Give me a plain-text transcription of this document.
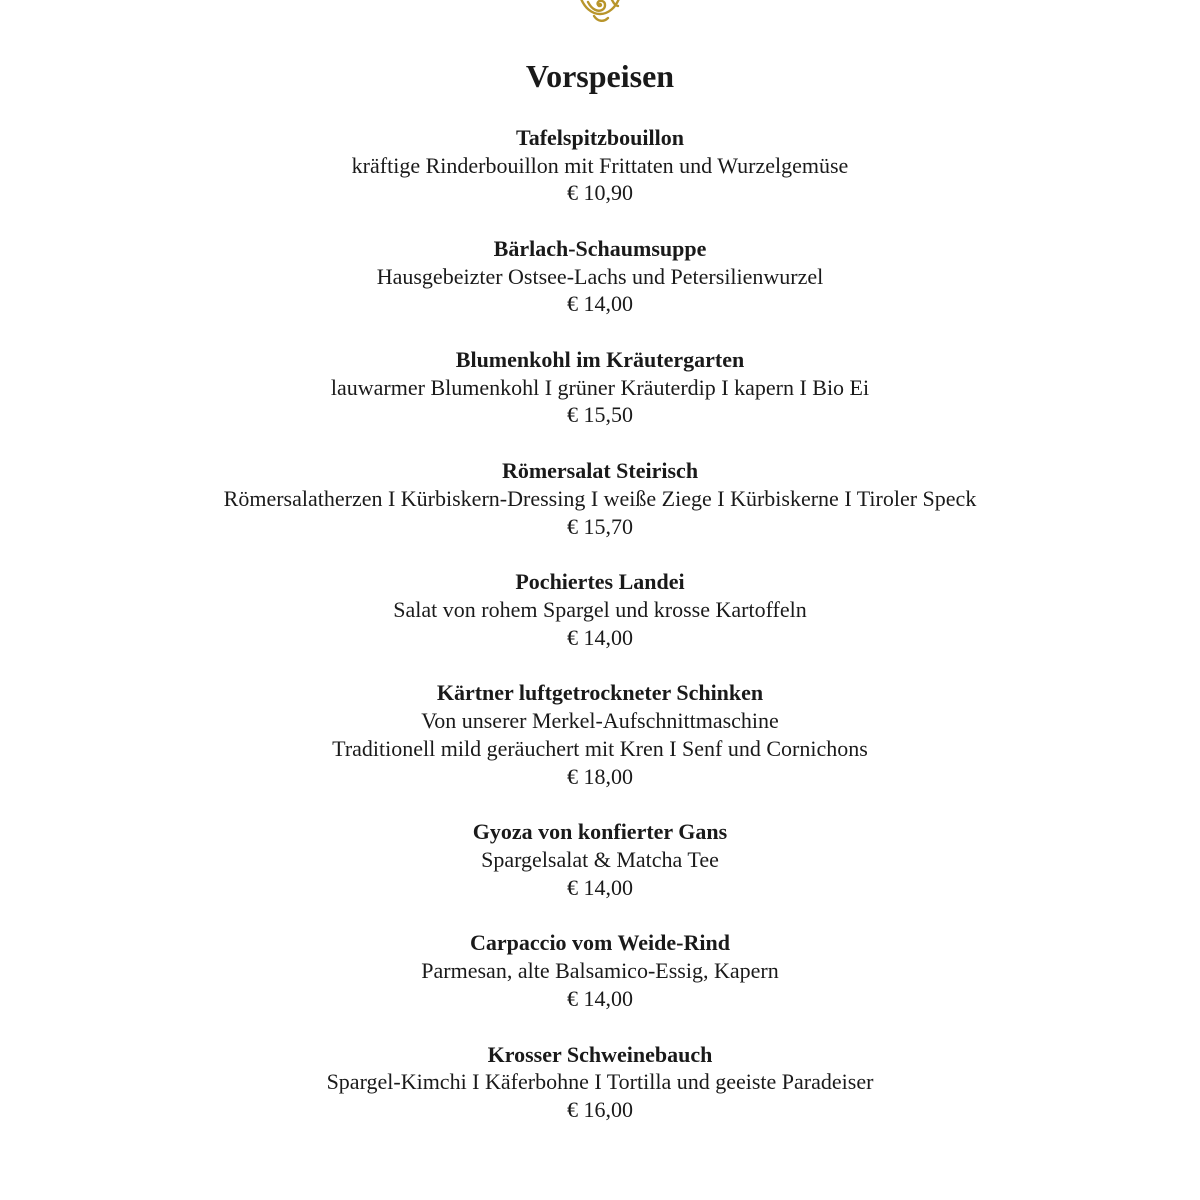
Vorspeisen
Tafelspitzbouillon
kräftige Rinderbouillon mit Frittaten und Wurzelgemüse
€ 10,90
Bärlach-Schaumsuppe
Hausgebeizter Ostsee-Lachs und Petersilienwurzel
€ 14,00
Blumenkohl im Kräutergarten
lauwarmer Blumenkohl I grüner Kräuterdip I kapern I Bio Ei
€ 15,50
Römersalat Steirisch
Römersalatherzen I Kürbiskern-Dressing I weiße Ziege I Kürbiskerne I Tiroler Speck
€ 15,70
Pochiertes Landei
Salat von rohem Spargel und krosse Kartoffeln
€ 14,00
Kärtner luftgetrockneter Schinken
Von unserer Merkel-Aufschnittmaschine
Traditionell mild geräuchert mit Kren I Senf und Cornichons
€ 18,00
Gyoza von konfierter Gans
Spargelsalat & Matcha Tee
€ 14,00
Carpaccio vom Weide-Rind
Parmesan, alte Balsamico-Essig, Kapern
€ 14,00
Krosser Schweinebauch
Spargel-Kimchi I Käferbohne I Tortilla und geeiste Paradeiser
€ 16,00
